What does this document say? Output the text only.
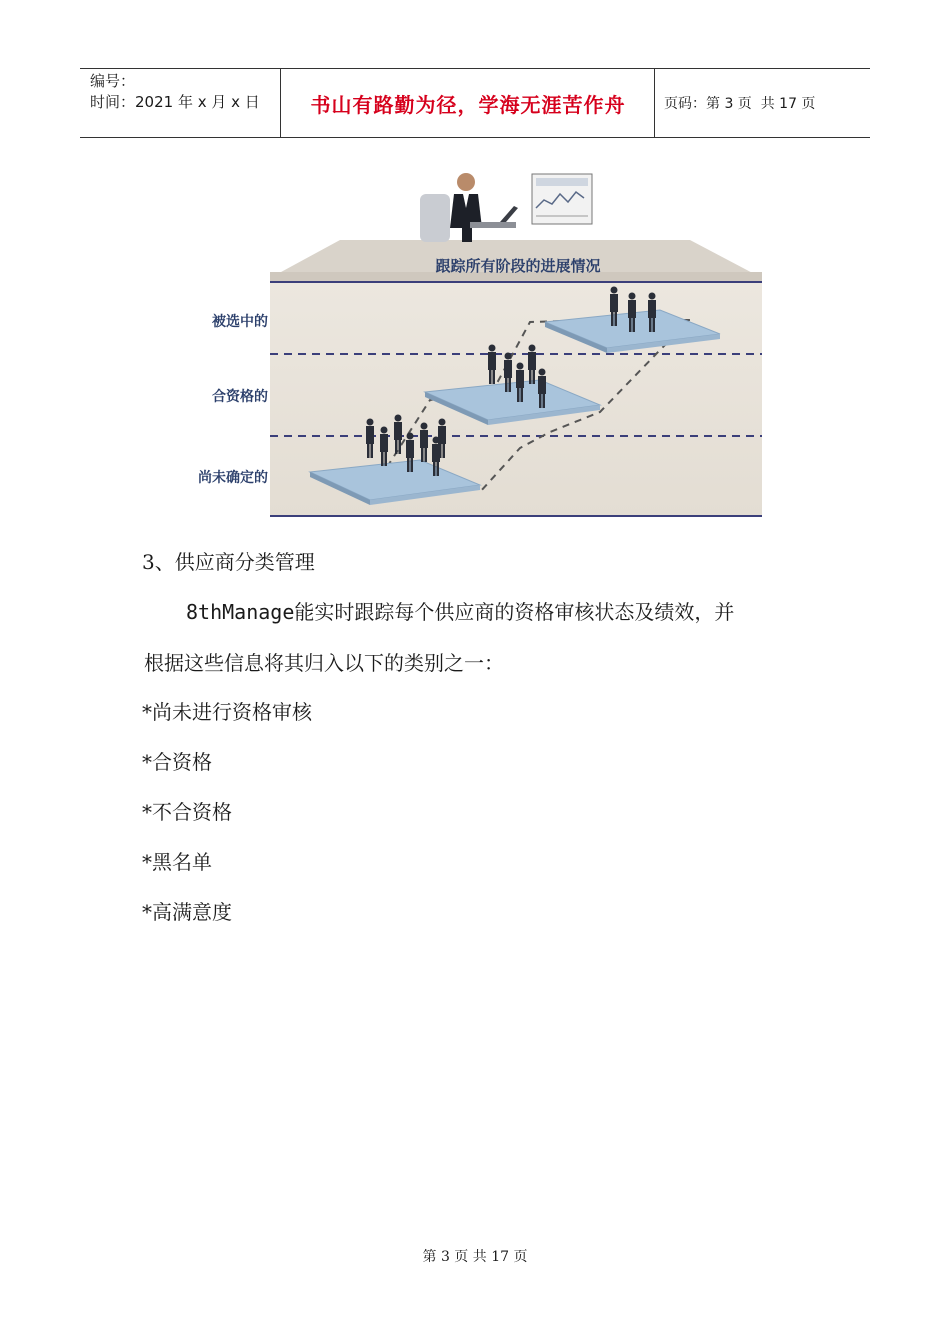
编号：
时间：2021 年 x 月 x 日	书山有路勤为径，学海无涯苦作舟	页码：第 3 页  共 17 页
跟踪所有阶段的进展情况
被选中的
合资格的
尚未确定的
3、供应商分类管理
8thManage能实时跟踪每个供应商的资格审核状态及绩效，并
根据这些信息将其归入以下的类别之一：
*尚未进行资格审核
*合资格
*不合资格
*黑名单
*高满意度
第 3 页 共 17 页
